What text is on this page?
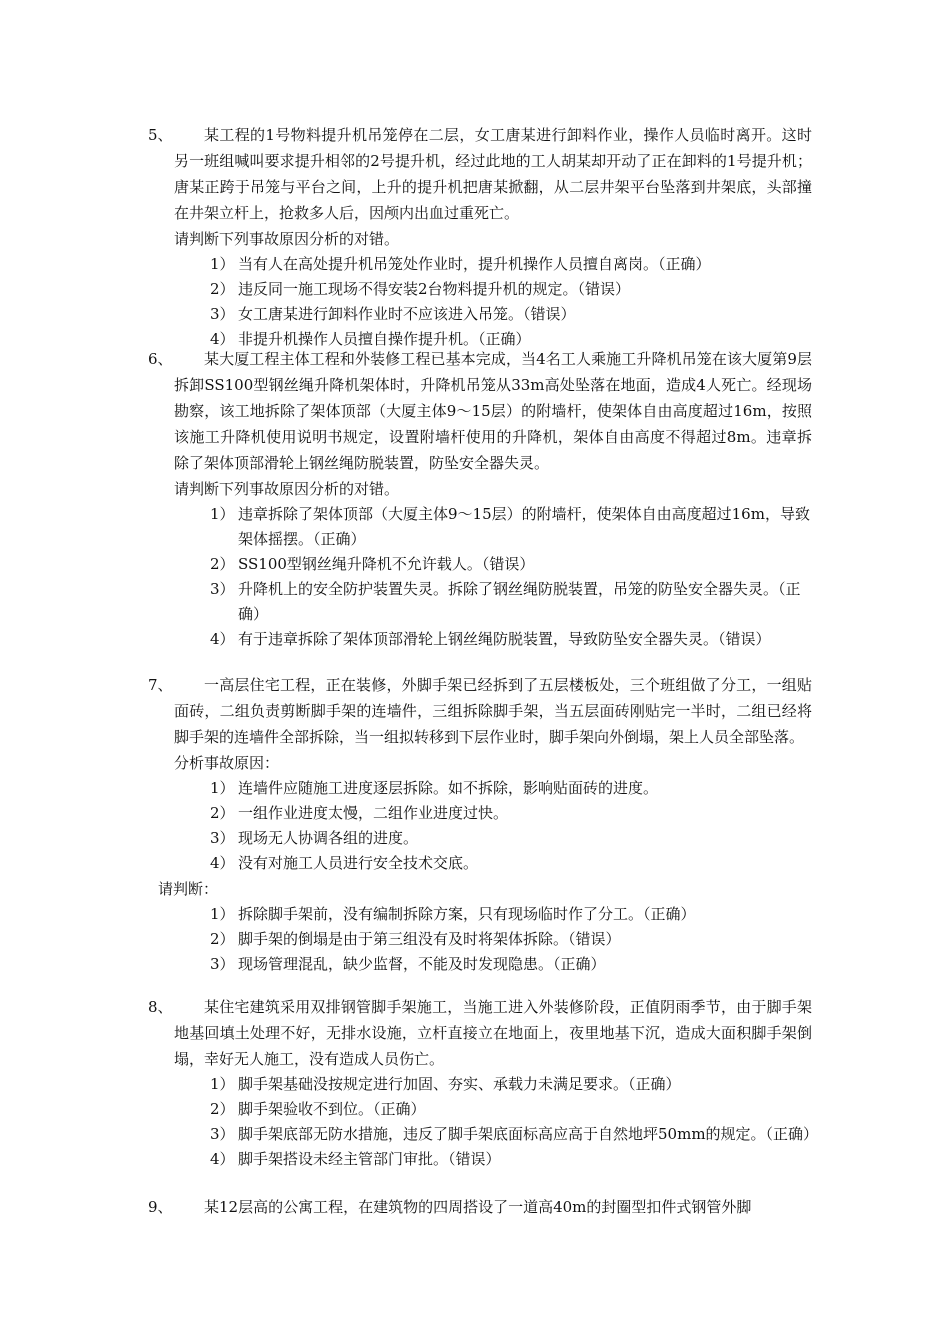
5、	某工程的1号物料提升机吊笼停在二层，女工唐某进行卸料作业，操作人员临时离开。这时另一班组喊叫要求提升相邻的2号提升机，经过此地的工人胡某却开动了正在卸料的1号提升机；唐某正跨于吊笼与平台之间，上升的提升机把唐某掀翻，从二层井架平台坠落到井架底，头部撞在井架立杆上，抢救多人后，因颅内出血过重死亡。

请判断下列事故原因分析的对错。
1） 当有人在高处提升机吊笼处作业时，提升机操作人员擅自离岗。（正确）
2） 违反同一施工现场不得安装2台物料提升机的规定。（错误）
3） 女工唐某进行卸料作业时不应该进入吊笼。（错误）
4） 非提升机操作人员擅自操作提升机。（正确）
6、	某大厦工程主体工程和外装修工程已基本完成，当4名工人乘施工升降机吊笼在该大厦第9层拆卸SS100型钢丝绳升降机架体时，升降机吊笼从33m高处坠落在地面，造成4人死亡。经现场勘察，该工地拆除了架体顶部（大厦主体9～15层）的附墙杆，使架体自由高度超过16m，按照该施工升降机使用说明书规定，设置附墙杆使用的升降机，架体自由高度不得超过8m。违章拆除了架体顶部滑轮上钢丝绳防脱装置，防坠安全器失灵。

请判断下列事故原因分析的对错。
1） 违章拆除了架体顶部（大厦主体9～15层）的附墙杆，使架体自由高度超过16m，导致架体摇摆。（正确）
2） SS100型钢丝绳升降机不允许载人。（错误）
3） 升降机上的安全防护装置失灵。拆除了钢丝绳防脱装置，吊笼的防坠安全器失灵。（正确）
4） 有于违章拆除了架体顶部滑轮上钢丝绳防脱装置，导致防坠安全器失灵。（错误）
7、	一高层住宅工程，正在装修，外脚手架已经拆到了五层楼板处，三个班组做了分工，一组贴面砖，二组负责剪断脚手架的连墙件，三组拆除脚手架，当五层面砖刚贴完一半时，二组已经将脚手架的连墙件全部拆除，当一组拟转移到下层作业时，脚手架向外倒塌，架上人员全部坠落。

分析事故原因：
1） 连墙件应随施工进度逐层拆除。如不拆除，影响贴面砖的进度。
2） 一组作业进度太慢，二组作业进度过快。
3） 现场无人协调各组的进度。
4） 没有对施工人员进行安全技术交底。
请判断：
1） 拆除脚手架前，没有编制拆除方案，只有现场临时作了分工。（正确）
2） 脚手架的倒塌是由于第三组没有及时将架体拆除。（错误）
3） 现场管理混乱，缺少监督，不能及时发现隐患。（正确）
8、	某住宅建筑采用双排钢管脚手架施工，当施工进入外装修阶段，正值阴雨季节，由于脚手架地基回填土处理不好，无排水设施，立杆直接立在地面上，夜里地基下沉，造成大面积脚手架倒塌，幸好无人施工，没有造成人员伤亡。

1） 脚手架基础没按规定进行加固、夯实、承载力未满足要求。（正确）
2） 脚手架验收不到位。（正确）
3） 脚手架底部无防水措施，违反了脚手架底面标高应高于自然地坪50mm的规定。（正确）
4） 脚手架搭设未经主管部门审批。（错误）
9、	某12层高的公寓工程，在建筑物的四周搭设了一道高40m的封圈型扣件式钢管外脚
